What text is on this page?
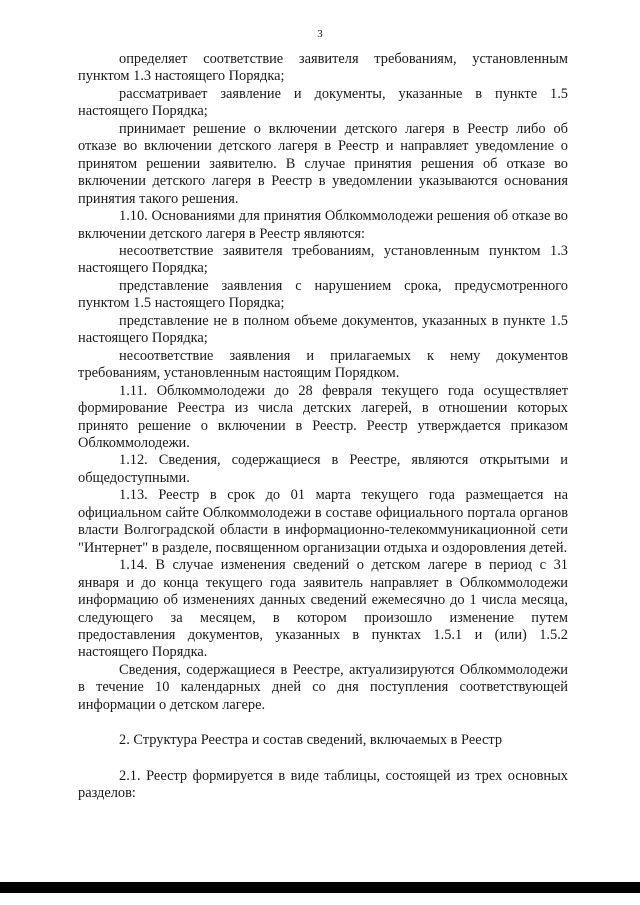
3

определяет соответствие заявителя требованиям, установленным пунктом 1.3 настоящего Порядка;

рассматривает заявление и документы, указанные в пункте 1.5 настоящего Порядка;

принимает решение о включении детского лагеря в Реестр либо об отказе во включении детского лагеря в Реестр и направляет уведомление о принятом решении заявителю. В случае принятия решения об отказе во включении детского лагеря в Реестр в уведомлении указываются основания принятия такого решения.

1.10. Основаниями для принятия Облкоммолодежи решения об отказе во включении детского лагеря в Реестр являются:

несоответствие заявителя требованиям, установленным пунктом 1.3 настоящего Порядка;

представление заявления с нарушением срока, предусмотренного пунктом 1.5 настоящего Порядка;

представление не в полном объеме документов, указанных в пункте 1.5 настоящего Порядка;

несоответствие заявления и прилагаемых к нему документов требованиям, установленным настоящим Порядком.

1.11. Облкоммолодежи до 28 февраля текущего года осуществляет формирование Реестра из числа детских лагерей, в отношении которых принято решение о включении в Реестр. Реестр утверждается приказом Облкоммолодежи.

1.12. Сведения, содержащиеся в Реестре, являются открытыми и общедоступными.

1.13. Реестр в срок до 01 марта текущего года размещается на официальном сайте Облкоммолодежи в составе официального портала органов власти Волгоградской области в информационно-телекоммуникационной сети "Интернет" в разделе, посвященном организации отдыха и оздоровления детей.

1.14. В случае изменения сведений о детском лагере в период с 31 января и до конца текущего года заявитель направляет в Облкоммолодежи информацию об изменениях данных сведений ежемесячно до 1 числа месяца, следующего за месяцем, в котором произошло изменение путем предоставления документов, указанных в пунктах 1.5.1 и (или) 1.5.2 настоящего Порядка.

Сведения, содержащиеся в Реестре, актуализируются Облкоммолодежи в течение 10 календарных дней со дня поступления соответствующей информации о детском лагере.

2. Структура Реестра и состав сведений, включаемых в Реестр

2.1. Реестр формируется в виде таблицы, состоящей из трех основных разделов:
